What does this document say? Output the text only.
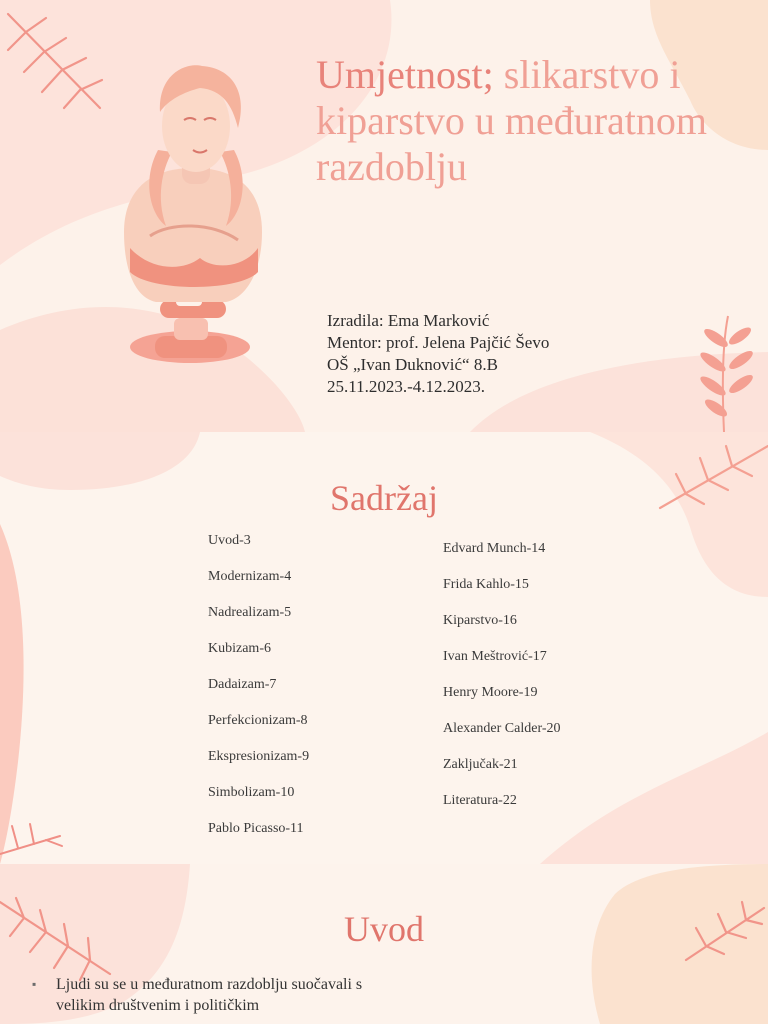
Umjetnost; slikarstvo i kiparstvo u međuratnom razdoblju
Izradila: Ema Marković
Mentor: prof. Jelena Pajčić Ševo
OŠ „Ivan Duknović“ 8.B
25.11.2023.-4.12.2023.
Sadržaj
Uvod-3
Modernizam-4
Nadrealizam-5
Kubizam-6
Dadaizam-7
Perfekcionizam-8
Ekspresionizam-9
Simbolizam-10
Pablo Picasso-11
Edvard Munch-14
Frida Kahlo-15
Kiparstvo-16
Ivan Meštrović-17
Henry Moore-19
Alexander Calder-20
Zaključak-21
Literatura-22
Uvod
▪ Ljudi su se u međuratnom razdoblju suočavali s velikim društvenim i političkim
